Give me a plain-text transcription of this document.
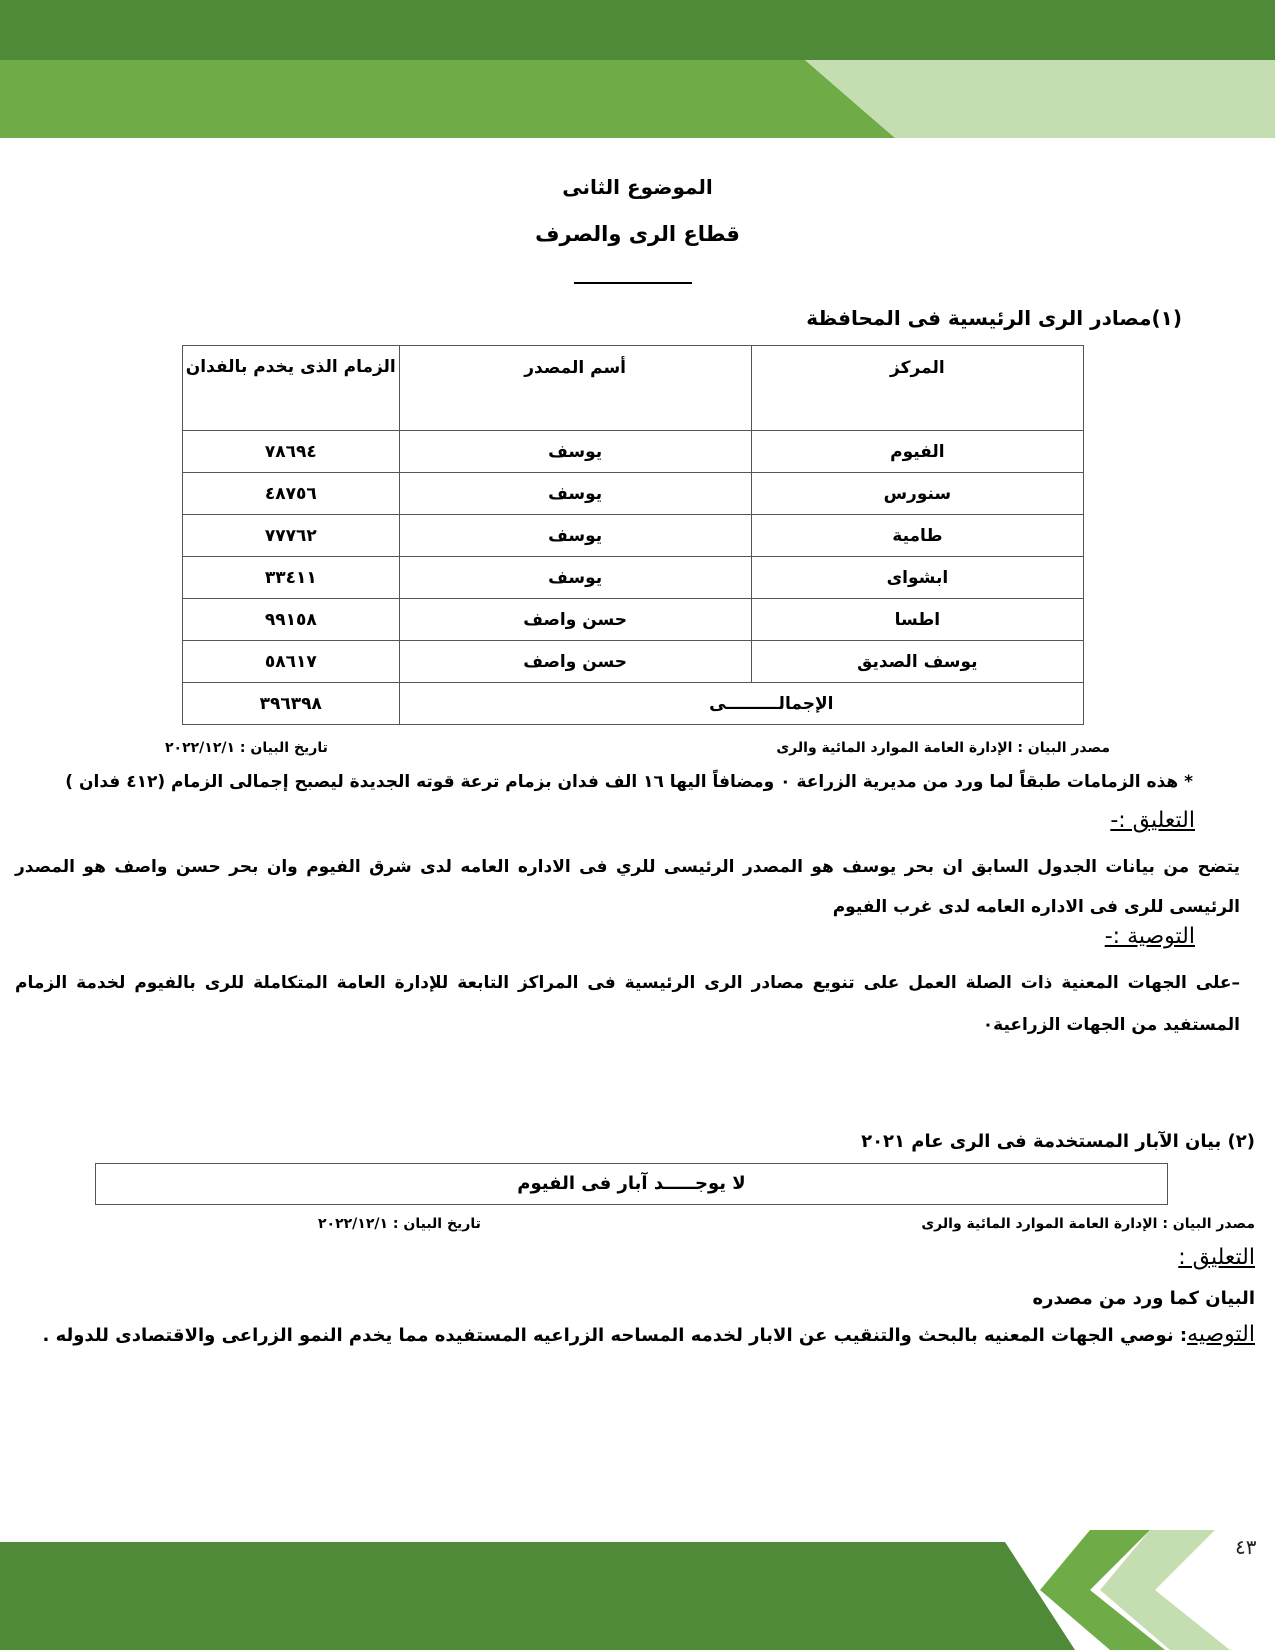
الموضوع الثانى
قطاع الرى والصرف
(١)مصادر الرى الرئيسية فى المحافظة
المركز	أسم المصدر	الزمام الذى يخدم بالفدان
الفيوم	يوسف	٧٨٦٩٤
سنورس	يوسف	٤٨٧٥٦
طامية	يوسف	٧٧٧٦٢
ابشواى	يوسف	٣٣٤١١
اطسا	حسن واصف	٩٩١٥٨
يوسف الصديق	حسن واصف	٥٨٦١٧
الإجمالـــــــــى		٣٩٦٣٩٨
مصدر البيان : الإدارة العامة الموارد المائية والرى
تاريخ البيان : ٢٠٢٢/١٢/١
* هذه الزمامات طبقاً لما ورد من مديرية الزراعة ٠ ومضافاً اليها ١٦ الف فدان بزمام ترعة قوته الجديدة ليصبح إجمالى الزمام (٤١٢ فدان )
التعليق :-
يتضح من بيانات الجدول السابق ان بحر يوسف هو المصدر الرئيسى للري فى الاداره العامه لدى شرق الفيوم وان بحر حسن واصف هو المصدر الرئيسى للرى فى الاداره العامه لدى غرب الفيوم
التوصية :-
–على الجهات المعنية ذات الصلة العمل على تنويع مصادر الرى الرئيسية فى المراكز التابعة للإدارة العامة المتكاملة للرى بالفيوم لخدمة الزمام المستفيد من الجهات الزراعية٠
(٢) بيان الآبار المستخدمة فى الرى عام ٢٠٢١
لا يوجـــــد آبار فى الفيوم
مصدر البيان : الإدارة العامة الموارد المائية والرى
تاريخ البيان : ٢٠٢٢/١٢/١
التعليق :
البيان كما ورد من مصدره
التوصيه: نوصي الجهات المعنيه بالبحث والتنقيب عن الابار لخدمه المساحه الزراعيه المستفيده مما يخدم النمو الزراعى والاقتصادى للدوله .
٤٣
